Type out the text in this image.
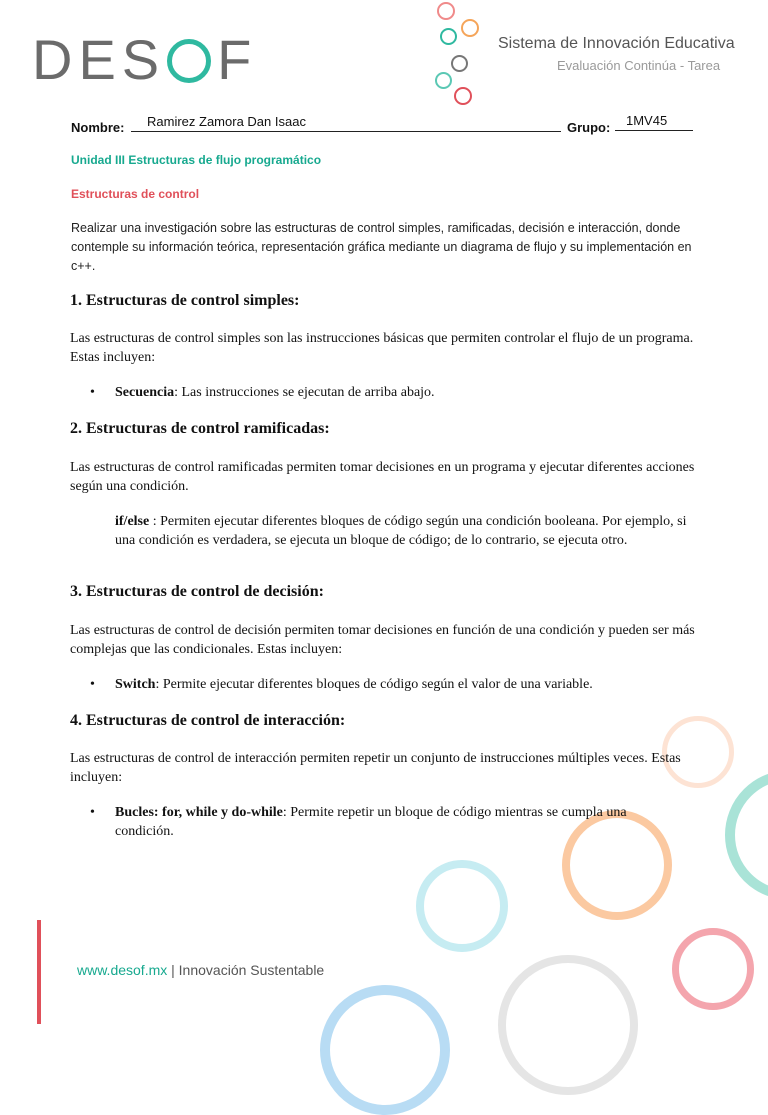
DES F	Sistema de Innovación Educativa
Evaluación Continúa - Tarea
Nombre: Ramirez Zamora Dan Isaac	Grupo: 1MV45
Unidad III Estructuras de flujo programático
Estructuras de control
Realizar una investigación sobre las estructuras de control simples, ramificadas, decisión e interacción, donde contemple su información teórica, representación gráfica mediante un diagrama de flujo y su implementación en c++.
1. Estructuras de control simples:
Las estructuras de control simples son las instrucciones básicas que permiten controlar el flujo de un programa. Estas incluyen:
• Secuencia: Las instrucciones se ejecutan de arriba abajo.
2. Estructuras de control ramificadas:
Las estructuras de control ramificadas permiten tomar decisiones en un programa y ejecutar diferentes acciones según una condición.
if/else : Permiten ejecutar diferentes bloques de código según una condición booleana. Por ejemplo, si una condición es verdadera, se ejecuta un bloque de código; de lo contrario, se ejecuta otro.
3. Estructuras de control de decisión:
Las estructuras de control de decisión permiten tomar decisiones en función de una condición y pueden ser más complejas que las condicionales. Estas incluyen:
• Switch: Permite ejecutar diferentes bloques de código según el valor de una variable.
4. Estructuras de control de interacción:
Las estructuras de control de interacción permiten repetir un conjunto de instrucciones múltiples veces. Estas incluyen:
• Bucles: for, while y do-while: Permite repetir un bloque de código mientras se cumpla una condición.
www.desof.mx | Innovación Sustentable
